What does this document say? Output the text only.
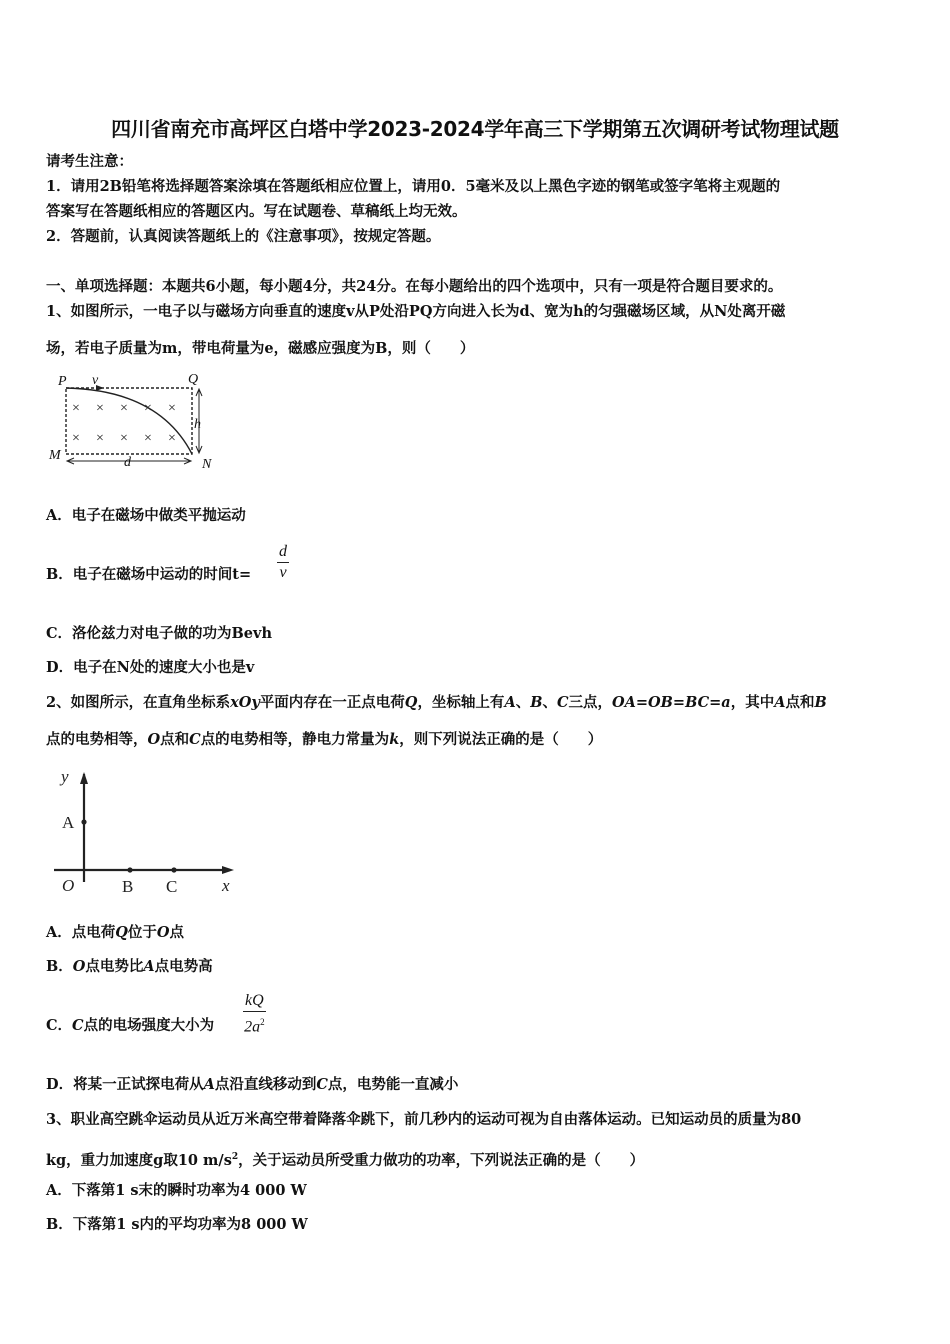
四川省南充市高坪区白塔中学2023-2024学年高三下学期第五次调研考试物理试题
请考生注意：
1．请用2B铅笔将选择题答案涂填在答题纸相应位置上，请用0．5毫米及以上黑色字迹的钢笔或签字笔将主观题的
答案写在答题纸相应的答题区内。写在试题卷、草稿纸上均无效。
2．答题前，认真阅读答题纸上的《注意事项》，按规定答题。
一、单项选择题：本题共6小题，每小题4分，共24分。在每小题给出的四个选项中，只有一项是符合题目要求的。
1、如图所示，一电子以与磁场方向垂直的速度v从P处沿PQ方向进入长为d、宽为h的匀强磁场区域，从N处离开磁
场，若电子质量为m，带电荷量为e，磁感应强度为B，则（　　）
× × × × ×
× × × × ×
P v	Q
h
M
N
d
A．电子在磁场中做类平抛运动
B．电子在磁场中运动的时间$t= \frac{d}{v}$
C．洛伦兹力对电子做的功为Bevh
D．电子在N处的速度大小也是v
2、如图所示，在直角坐标系xOy平面内存在一正点电荷Q，坐标轴上有A、B、C三点，OA=OB=BC=a，其中A点和B
点的电势相等，O点和C点的电势相等，静电力常量为k，则下列说法正确的是（　　）
y
A
O	B C	x
A．点电荷Q位于O点
B．O点电势比A点电势高
C．C点的电场强度大小为 $\frac{kQ}{2a^2}$
D．将某一正试探电荷从A点沿直线移动到C点，电势能一直减小
3、职业高空跳伞运动员从近万米高空带着降落伞跳下，前几秒内的运动可视为自由落体运动。已知运动员的质量为80
kg，重力加速度g取10 $m/s^2$，关于运动员所受重力做功的功率，下列说法正确的是（　　）
A．下落第1 s末的瞬时功率为4 000 W
B．下落第1 s内的平均功率为8 000 W
